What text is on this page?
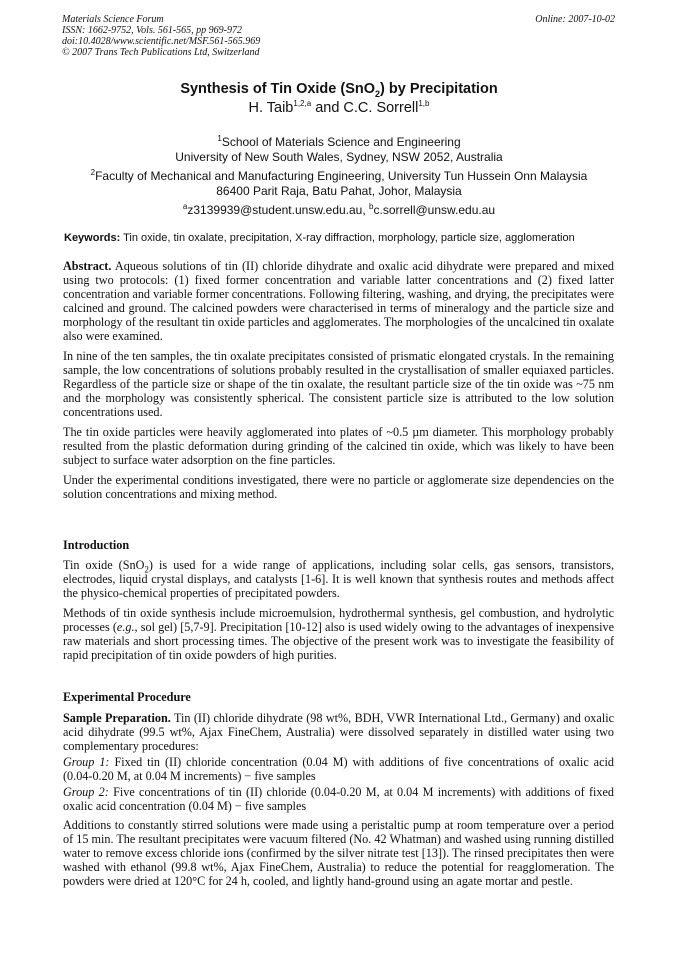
Materials Science Forum
ISSN: 1662-9752, Vols. 561-565, pp 969-972
doi:10.4028/www.scientific.net/MSF.561-565.969
© 2007 Trans Tech Publications Ltd, Switzerland
Online: 2007-10-02
Synthesis of Tin Oxide (SnO$_2$) by Precipitation
H. Taib$^{1,2,a}$ and C.C. Sorrell$^{1,b}$
$^1$School of Materials Science and Engineering
University of New South Wales, Sydney, NSW 2052, Australia
$^2$Faculty of Mechanical and Manufacturing Engineering, University Tun Hussein Onn Malaysia
86400 Parit Raja, Batu Pahat, Johor, Malaysia
$^a$z3139939@student.unsw.edu.au, $^b$c.sorrell@unsw.edu.au
Keywords: Tin oxide, tin oxalate, precipitation, X-ray diffraction, morphology, particle size, agglomeration

Abstract. Aqueous solutions of tin (II) chloride dihydrate and oxalic acid dihydrate were prepared and mixed using two protocols: (1) fixed former concentration and variable latter concentrations and (2) fixed latter concentration and variable former concentrations. Following filtering, washing, and drying, the precipitates were calcined and ground. The calcined powders were characterised in terms of mineralogy and the particle size and morphology of the resultant tin oxide particles and agglomerates. The morphologies of the uncalcined tin oxalate also were examined.

In nine of the ten samples, the tin oxalate precipitates consisted of prismatic elongated crystals. In the remaining sample, the low concentrations of solutions probably resulted in the crystallisation of smaller equiaxed particles. Regardless of the particle size or shape of the tin oxalate, the resultant particle size of the tin oxide was ~75 nm and the morphology was consistently spherical. The consistent particle size is attributed to the low solution concentrations used.

The tin oxide particles were heavily agglomerated into plates of ~0.5 µm diameter. This morphology probably resulted from the plastic deformation during grinding of the calcined tin oxide, which was likely to have been subject to surface water adsorption on the fine particles.

Under the experimental conditions investigated, there were no particle or agglomerate size dependencies on the solution concentrations and mixing method.

Introduction

Tin oxide (SnO$_2$) is used for a wide range of applications, including solar cells, gas sensors, transistors, electrodes, liquid crystal displays, and catalysts [1-6]. It is well known that synthesis routes and methods affect the physico-chemical properties of precipitated powders.

Methods of tin oxide synthesis include microemulsion, hydrothermal synthesis, gel combustion, and hydrolytic processes (e.g., sol gel) [5,7-9]. Precipitation [10-12] also is used widely owing to the advantages of inexpensive raw materials and short processing times. The objective of the present work was to investigate the feasibility of rapid precipitation of tin oxide powders of high purities.

Experimental Procedure

Sample Preparation. Tin (II) chloride dihydrate (98 wt%, BDH, VWR International Ltd., Germany) and oxalic acid dihydrate (99.5 wt%, Ajax FineChem, Australia) were dissolved separately in distilled water using two complementary procedures:

Group 1: Fixed tin (II) chloride concentration (0.04 M) with additions of five concentrations of oxalic acid (0.04-0.20 M, at 0.04 M increments) − five samples

Group 2: Five concentrations of tin (II) chloride (0.04-0.20 M, at 0.04 M increments) with additions of fixed oxalic acid concentration (0.04 M) − five samples

Additions to constantly stirred solutions were made using a peristaltic pump at room temperature over a period of 15 min. The resultant precipitates were vacuum filtered (No. 42 Whatman) and washed using running distilled water to remove excess chloride ions (confirmed by the silver nitrate test [13]). The rinsed precipitates then were washed with ethanol (99.8 wt%, Ajax FineChem, Australia) to reduce the potential for reagglomeration. The powders were dried at 120°C for 24 h, cooled, and lightly hand-ground using an agate mortar and pestle.
